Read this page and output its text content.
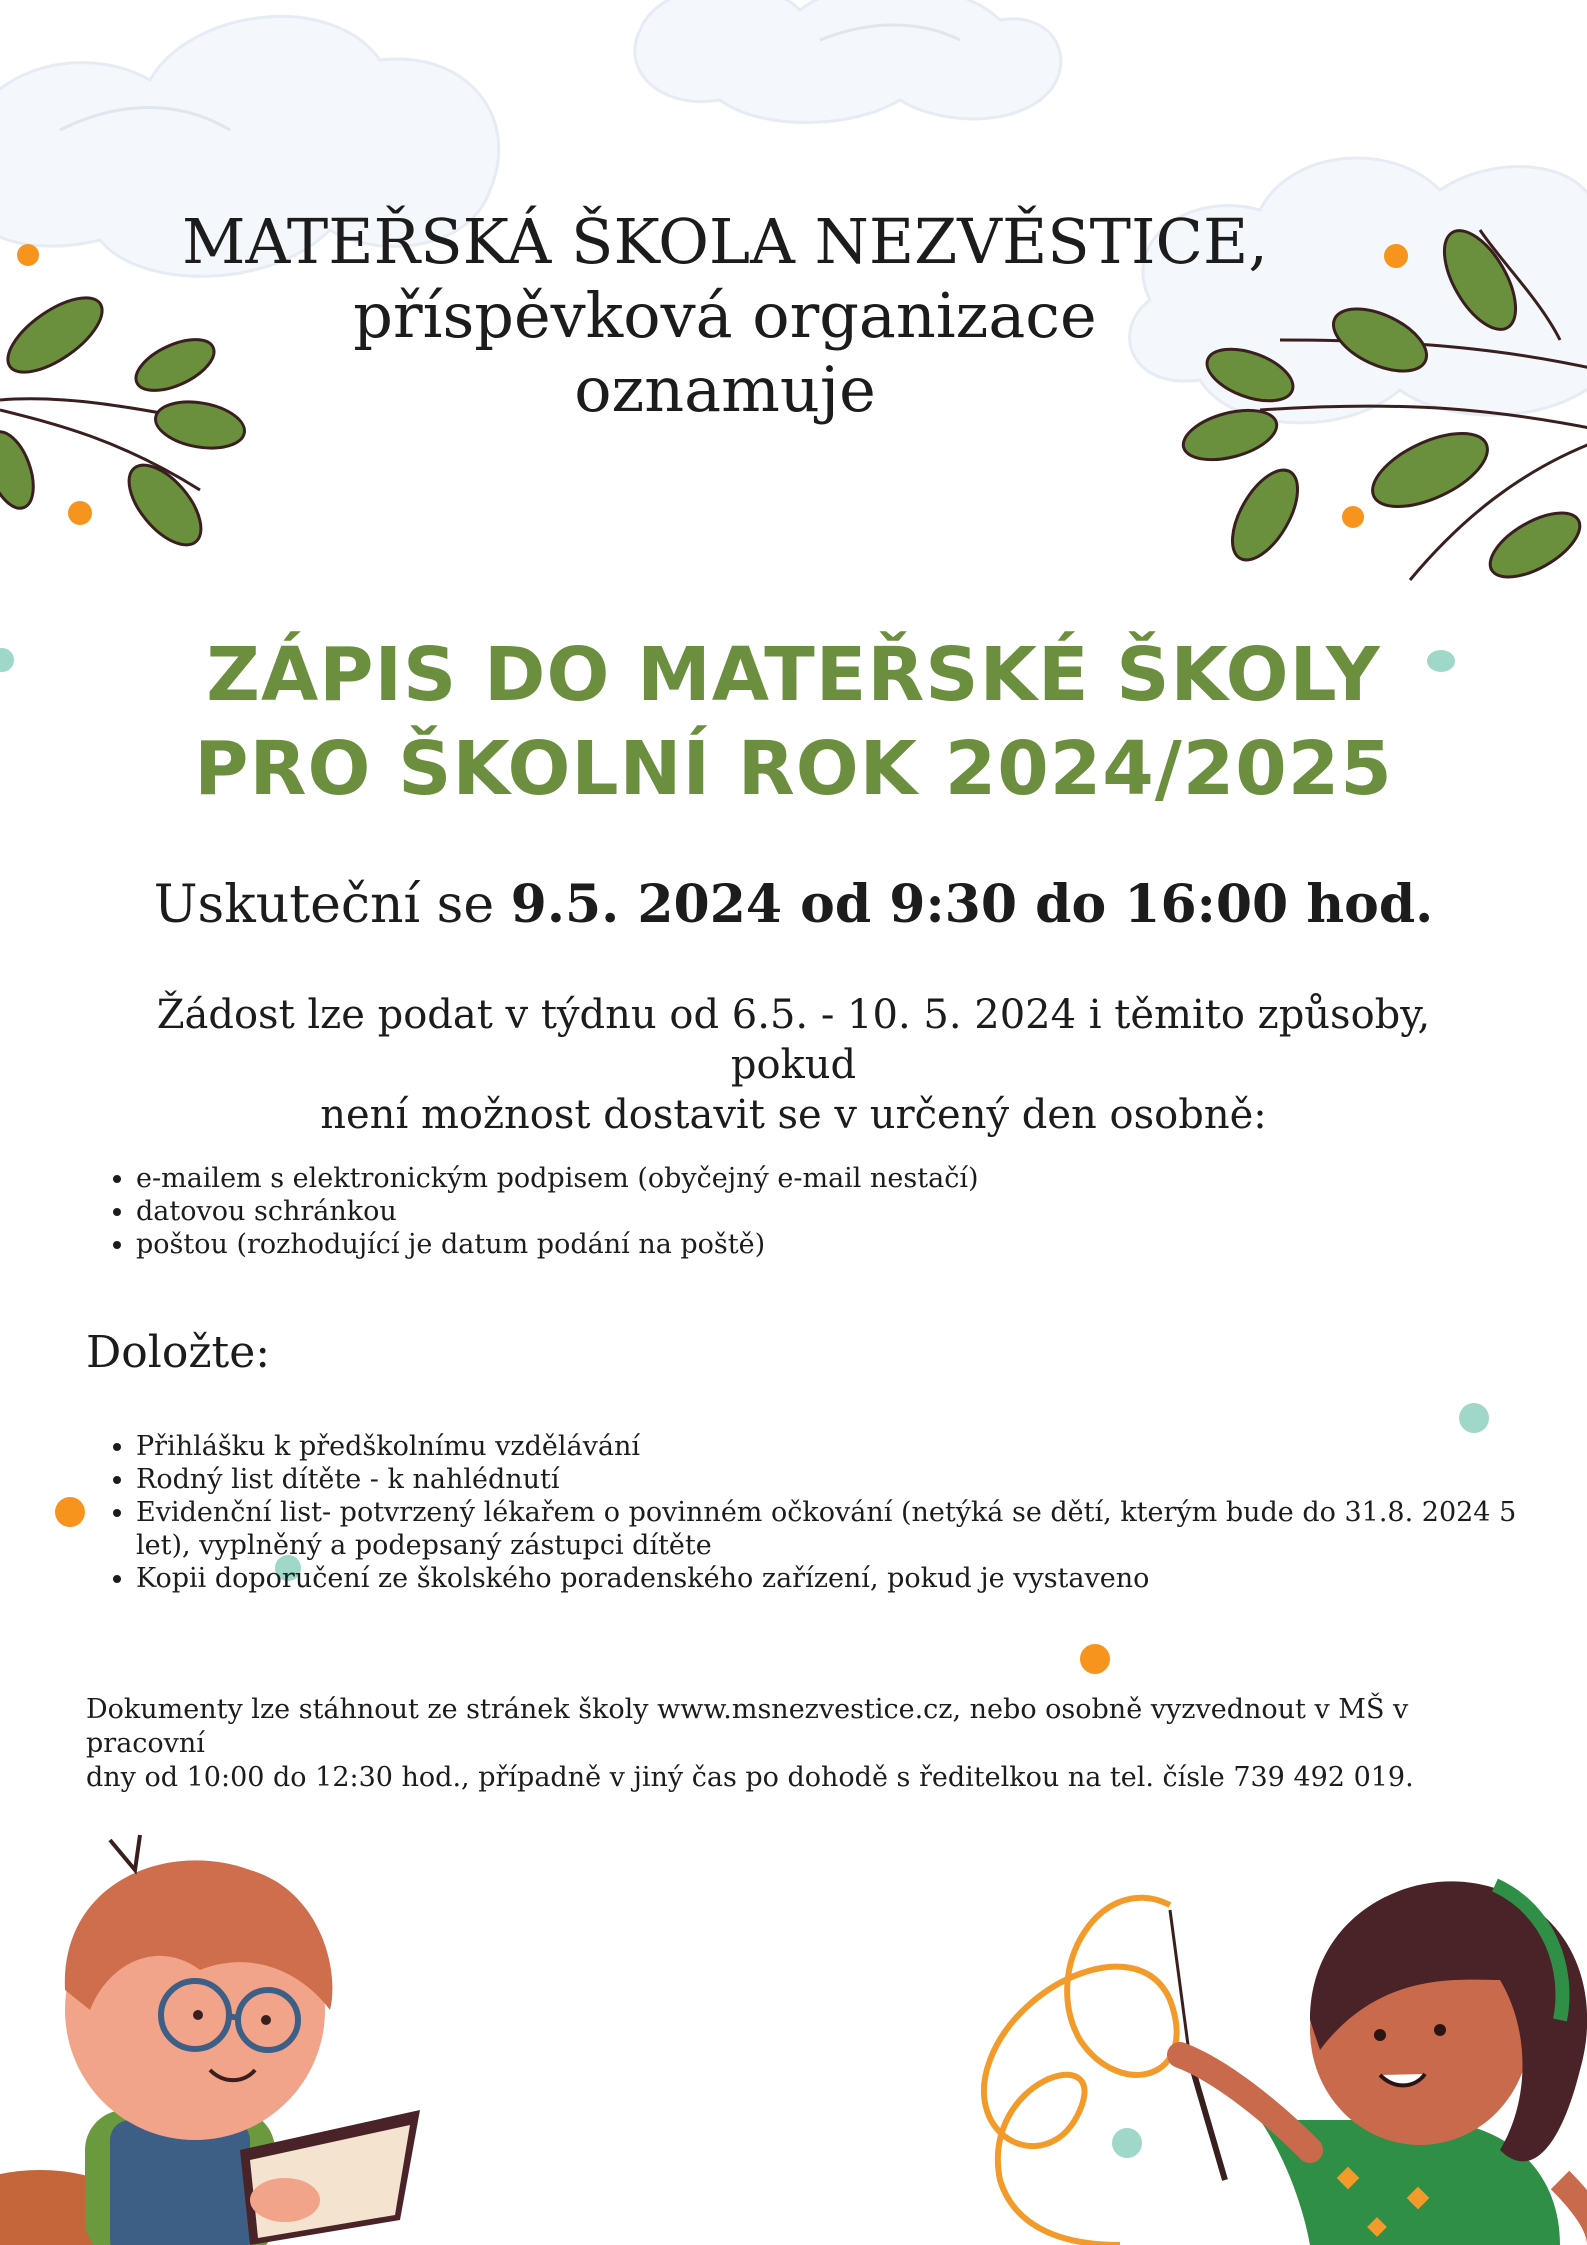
MATEŘSKÁ ŠKOLA NEZVĚSTICE,
příspěvková organizace
oznamuje
ZÁPIS DO MATEŘSKÉ ŠKOLY
PRO ŠKOLNÍ ROK 2024/2025
Uskuteční se 9.5. 2024 od 9:30 do 16:00 hod.
Žádost lze podat v týdnu od 6.5. - 10. 5. 2024 i těmito způsoby, pokud
není možnost dostavit se v určený den osobně:
• e-mailem s elektronickým podpisem (obyčejný e-mail nestačí)
• datovou schránkou
• poštou (rozhodující je datum podání na poště)
Doložte:
• Přihlášku k předškolnímu vzdělávání
• Rodný list dítěte - k nahlédnutí
• Evidenční list- potvrzený lékařem o povinném očkování (netýká se dětí, kterým bude do 31.8. 2024 5 let), vyplněný a podepsaný zástupci dítěte
• Kopii doporučení ze školského poradenského zařízení, pokud je vystaveno
Dokumenty lze stáhnout ze stránek školy www.msnezvestice.cz, nebo osobně vyzvednout v MŠ v pracovní
dny od 10:00 do 12:30 hod., případně v jiný čas po dohodě s ředitelkou na tel. čísle 739 492 019.
